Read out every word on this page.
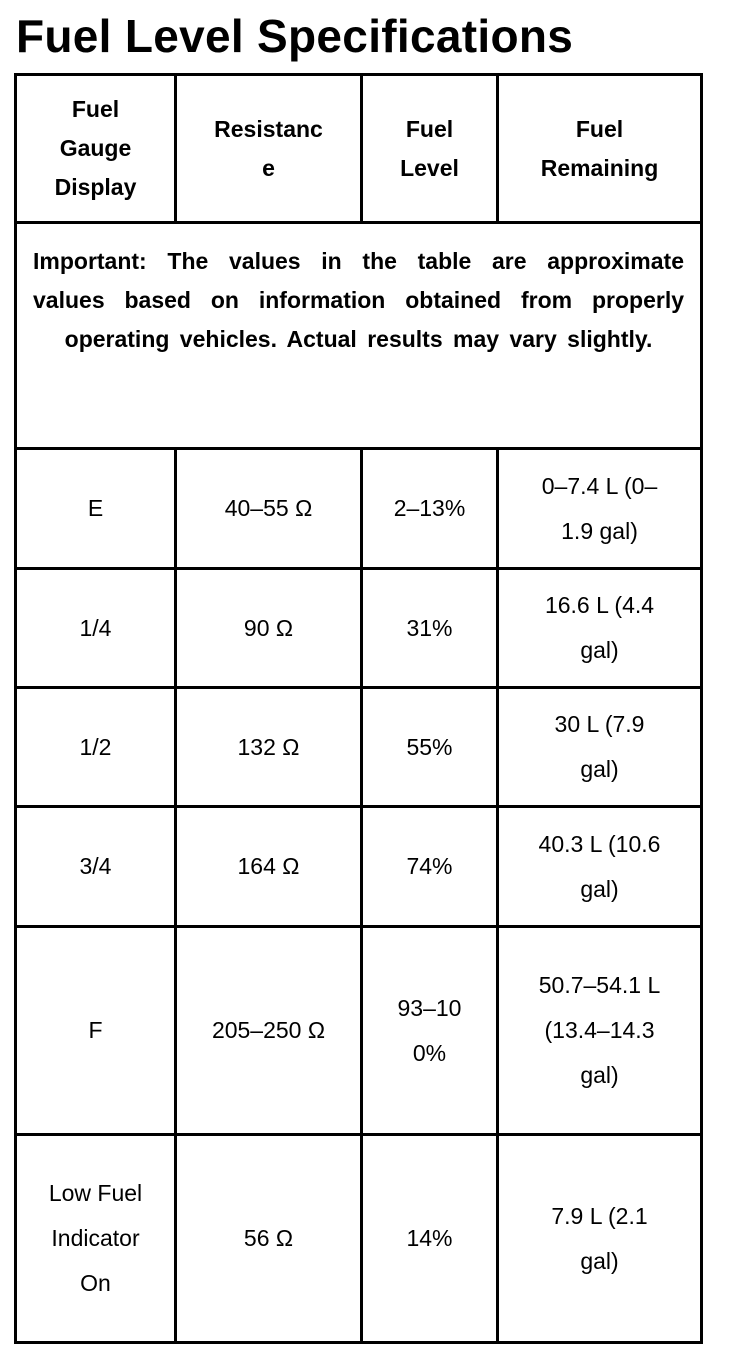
Fuel Level Specifications
Fuel Gauge Display	Resistance	Fuel Level	Fuel Remaining

Important: The values in the table are approximate values based on information obtained from properly operating vehicles. Actual results may vary slightly.			

E	40–55 Ω	2–13%	0–7.4 L (0–1.9 gal)

1/4	90 Ω	31%	16.6 L (4.4 gal)

1/2	132 Ω	55%	30 L (7.9 gal)

3/4	164 Ω	74%	40.3 L (10.6 gal)

F	205–250 Ω	93–100%	50.7–54.1 L (13.4–14.3 gal)

Low Fuel Indicator On	56 Ω	14%	7.9 L (2.1 gal)
